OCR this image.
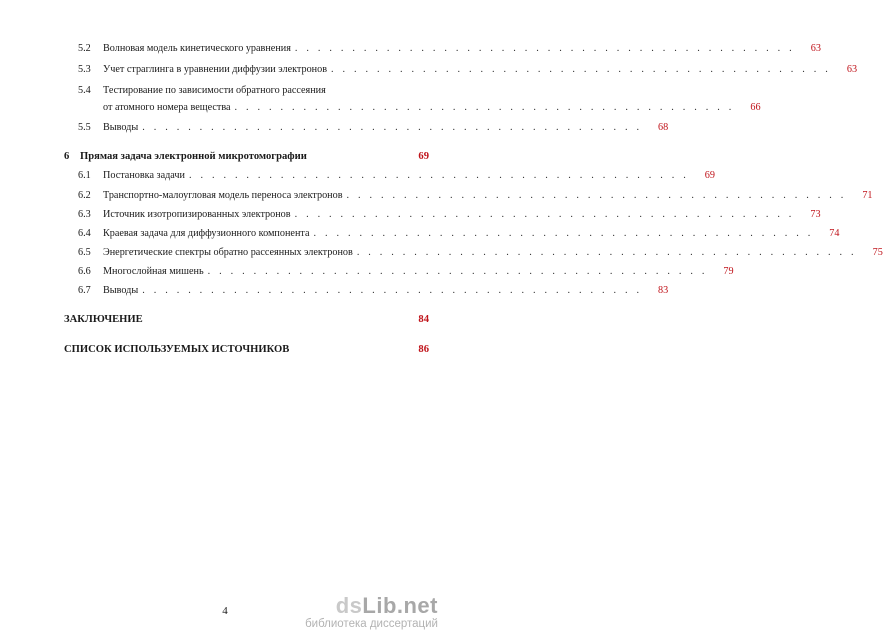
5.2	Волновая модель кинетического уравнения . . . . . . . . . . . . . . . . . . . . . . . . . . . . . . . . . . . . . . . . . . . .	63
5.3	Учет страглинга в уравнении диффузии электронов . . . . . . . . . . . . . . . . . . . . . . . . . . . . . . . . . . . . . . . . . . . .	63
5.4	Тестирование по зависимости обратного рассеяния
от атомного номера вещества . . . . . . . . . . . . . . . . . . . . . . . . . . . . . . . . . . . . . . . . . . . .	66
5.5	Выводы . . . . . . . . . . . . . . . . . . . . . . . . . . . . . . . . . . . . . . . . . . . .	68
6	Прямая задача электронной микротомографии	69
6.1	Постановка задачи . . . . . . . . . . . . . . . . . . . . . . . . . . . . . . . . . . . . . . . . . . . .	69
6.2	Транспортно-малоугловая модель переноса электронов . . . . . . . . . . . . . . . . . . . . . . . . . . . . . . . . . . . . . . . . . . . .	71
6.3	Источник изотропизированных электронов . . . . . . . . . . . . . . . . . . . . . . . . . . . . . . . . . . . . . . . . . . . .	73
6.4	Краевая задача для диффузионного компонента . . . . . . . . . . . . . . . . . . . . . . . . . . . . . . . . . . . . . . . . . . . .	74
6.5	Энергетические спектры обратно рассеянных электронов . . . . . . . . . . . . . . . . . . . . . . . . . . . . . . . . . . . . . . . . . . . .	75
6.6	Многослойная мишень . . . . . . . . . . . . . . . . . . . . . . . . . . . . . . . . . . . . . . . . . . . .	79
6.7	Выводы . . . . . . . . . . . . . . . . . . . . . . . . . . . . . . . . . . . . . . . . . . . .	83
ЗАКЛЮЧЕНИЕ	84
СПИСОК ИСПОЛЬЗУЕМЫХ ИСТОЧНИКОВ	86
4	dsLib.net
библиотека диссертаций
